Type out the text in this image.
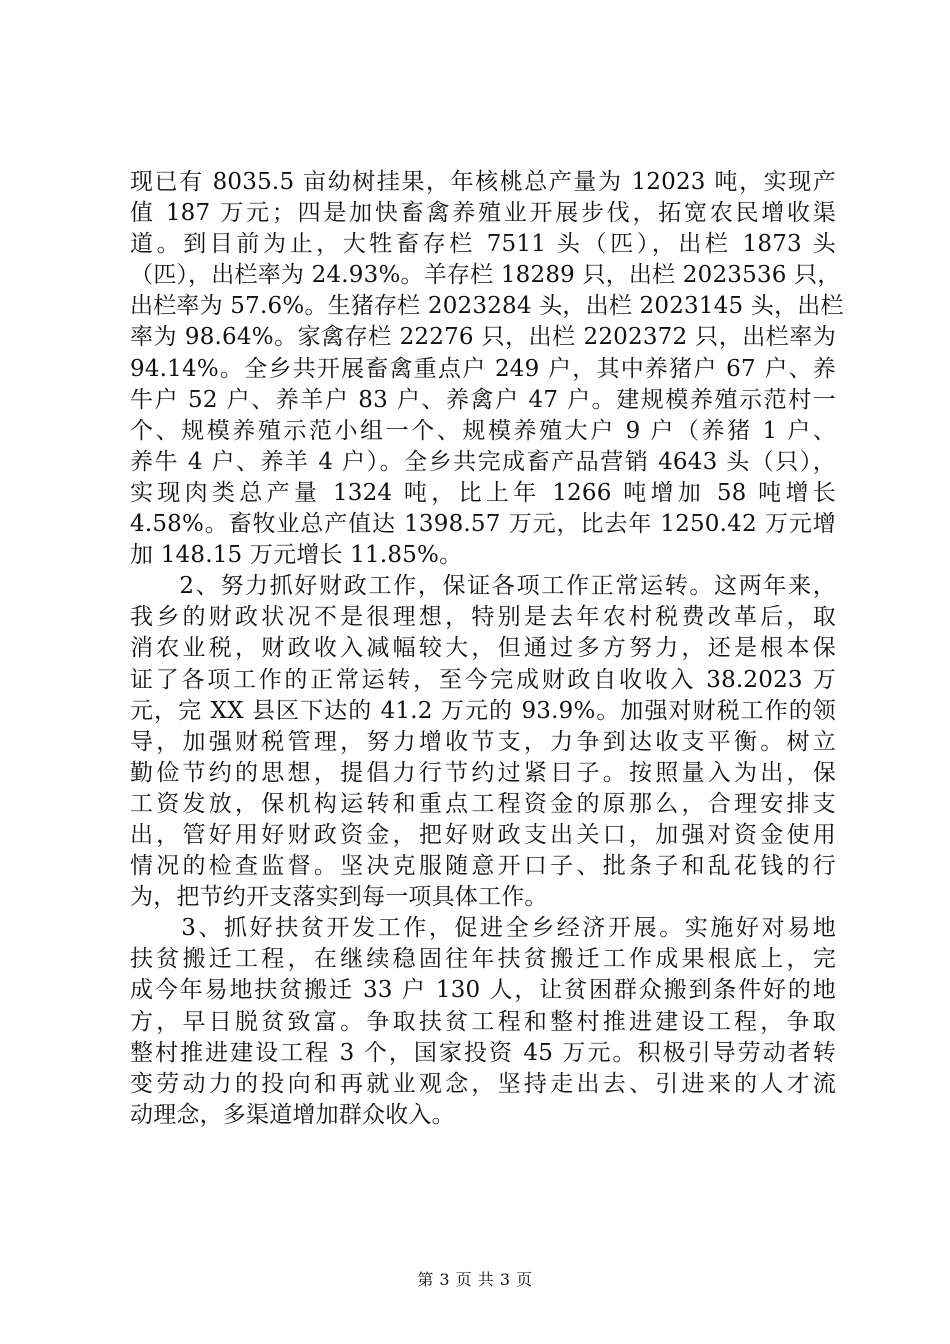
现已有 8035.5 亩幼树挂果，年核桃总产量为 12023 吨，实现产
值 187 万元；四是加快畜禽养殖业开展步伐，拓宽农民增收渠
道。到目前为止，大牲畜存栏 7511 头（匹），出栏 1873 头
（匹），出栏率为 24.93%。羊存栏 18289 只，出栏 2023536 只，
出栏率为 57.6%。生猪存栏 2023284 头，出栏 2023145 头，出栏
率为 98.64%。家禽存栏 22276 只，出栏 2202372 只，出栏率为
94.14%。全乡共开展畜禽重点户 249 户，其中养猪户 67 户、养
牛户 52 户、养羊户 83 户、养禽户 47 户。建规模养殖示范村一
个、规模养殖示范小组一个、规模养殖大户 9 户（养猪 1 户、
养牛 4 户、养羊 4 户）。全乡共完成畜产品营销 4643 头（只），
实现肉类总产量 1324 吨，比上年 1266 吨增加 58 吨增长
4.58%。畜牧业总产值达 1398.57 万元，比去年 1250.42 万元增
加 148.15 万元增长 11.85%。
　　2、努力抓好财政工作，保证各项工作正常运转。这两年来，
我乡的财政状况不是很理想，特别是去年农村税费改革后，取
消农业税，财政收入减幅较大，但通过多方努力，还是根本保
证了各项工作的正常运转，至今完成财政自收收入 38.2023 万
元，完 XX 县区下达的 41.2 万元的 93.9%。加强对财税工作的领
导，加强财税管理，努力增收节支，力争到达收支平衡。树立
勤俭节约的思想，提倡力行节约过紧日子。按照量入为出，保
工资发放，保机构运转和重点工程资金的原那么，合理安排支
出，管好用好财政资金，把好财政支出关口，加强对资金使用
情况的检查监督。坚决克服随意开口子、批条子和乱花钱的行
为，把节约开支落实到每一项具体工作。
　　3、抓好扶贫开发工作，促进全乡经济开展。实施好对易地
扶贫搬迁工程，在继续稳固往年扶贫搬迁工作成果根底上，完
成今年易地扶贫搬迁 33 户 130 人，让贫困群众搬到条件好的地
方，早日脱贫致富。争取扶贫工程和整村推进建设工程，争取
整村推进建设工程 3 个，国家投资 45 万元。积极引导劳动者转
变劳动力的投向和再就业观念，坚持走出去、引进来的人才流
动理念，多渠道增加群众收入。
第 3 页 共 3 页
